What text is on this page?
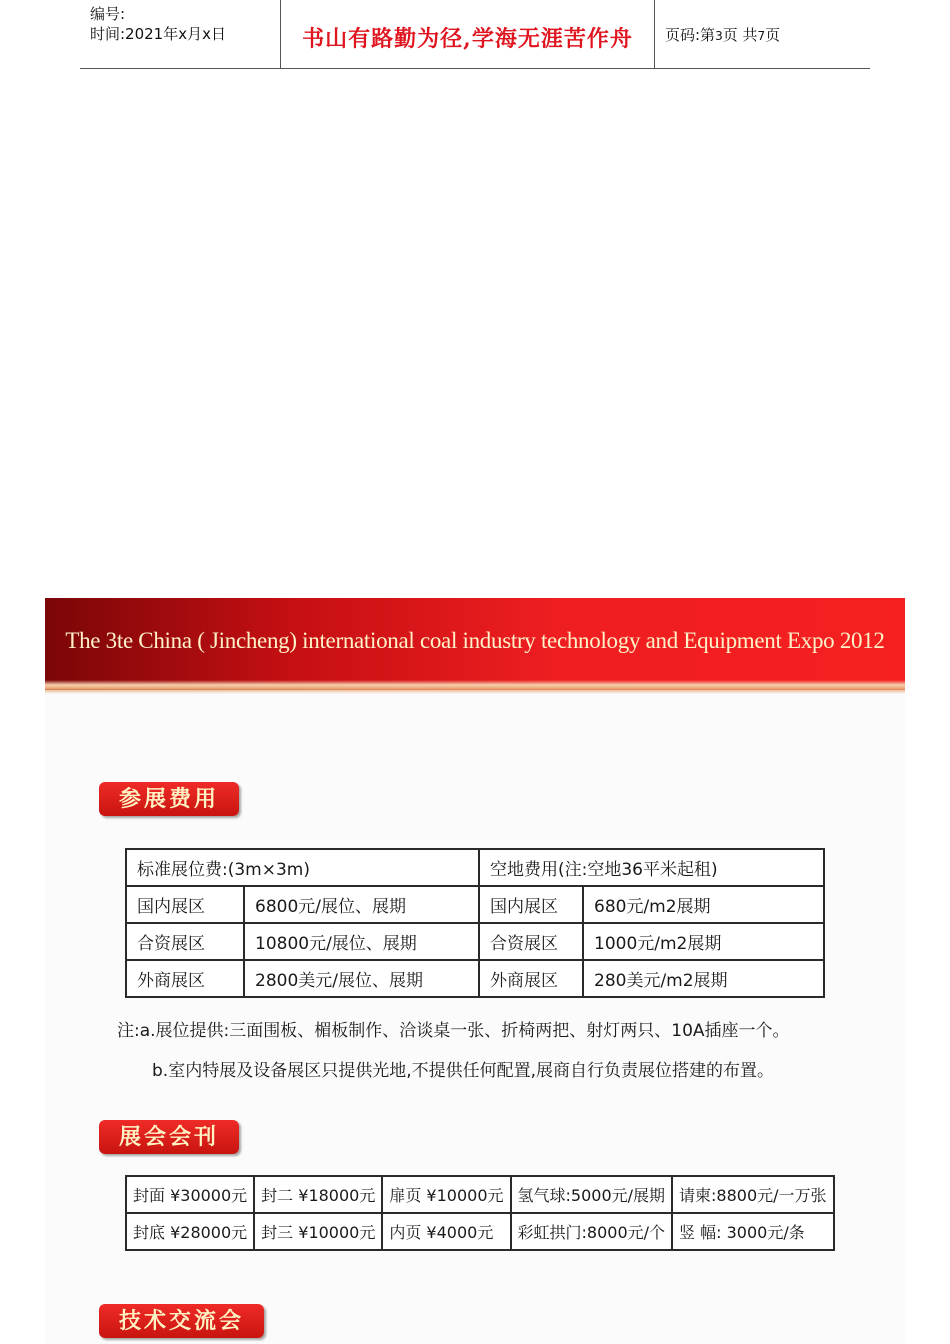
编号:
时间:2021年x月x日	书山有路勤为径,学海无涯苦作舟	页码:第3页 共7页
The 3te China ( Jincheng) international coal industry technology and Equipment Expo 2012
参展费用
标准展位费:(3m×3m)		空地费用(注:空地36平米起租)	
国内展区	6800元/展位、展期	国内展区	680元/m2展期
合资展区	10800元/展位、展期	合资展区	1000元/m2展期
外商展区	2800美元/展位、展期	外商展区	280美元/m2展期
注:a.展位提供:三面围板、楣板制作、洽谈桌一张、折椅两把、射灯两只、10A插座一个。
b.室内特展及设备展区只提供光地,不提供任何配置,展商自行负责展位搭建的布置。
展会会刊
封面 ¥30000元	封二 ¥18000元	扉页 ¥10000元	氢气球:5000元/展期	请柬:8800元/一万张
封底 ¥28000元	封三 ¥10000元	内页 ¥4000元	彩虹拱门:8000元/个	竖 幅: 3000元/条
技术交流会
